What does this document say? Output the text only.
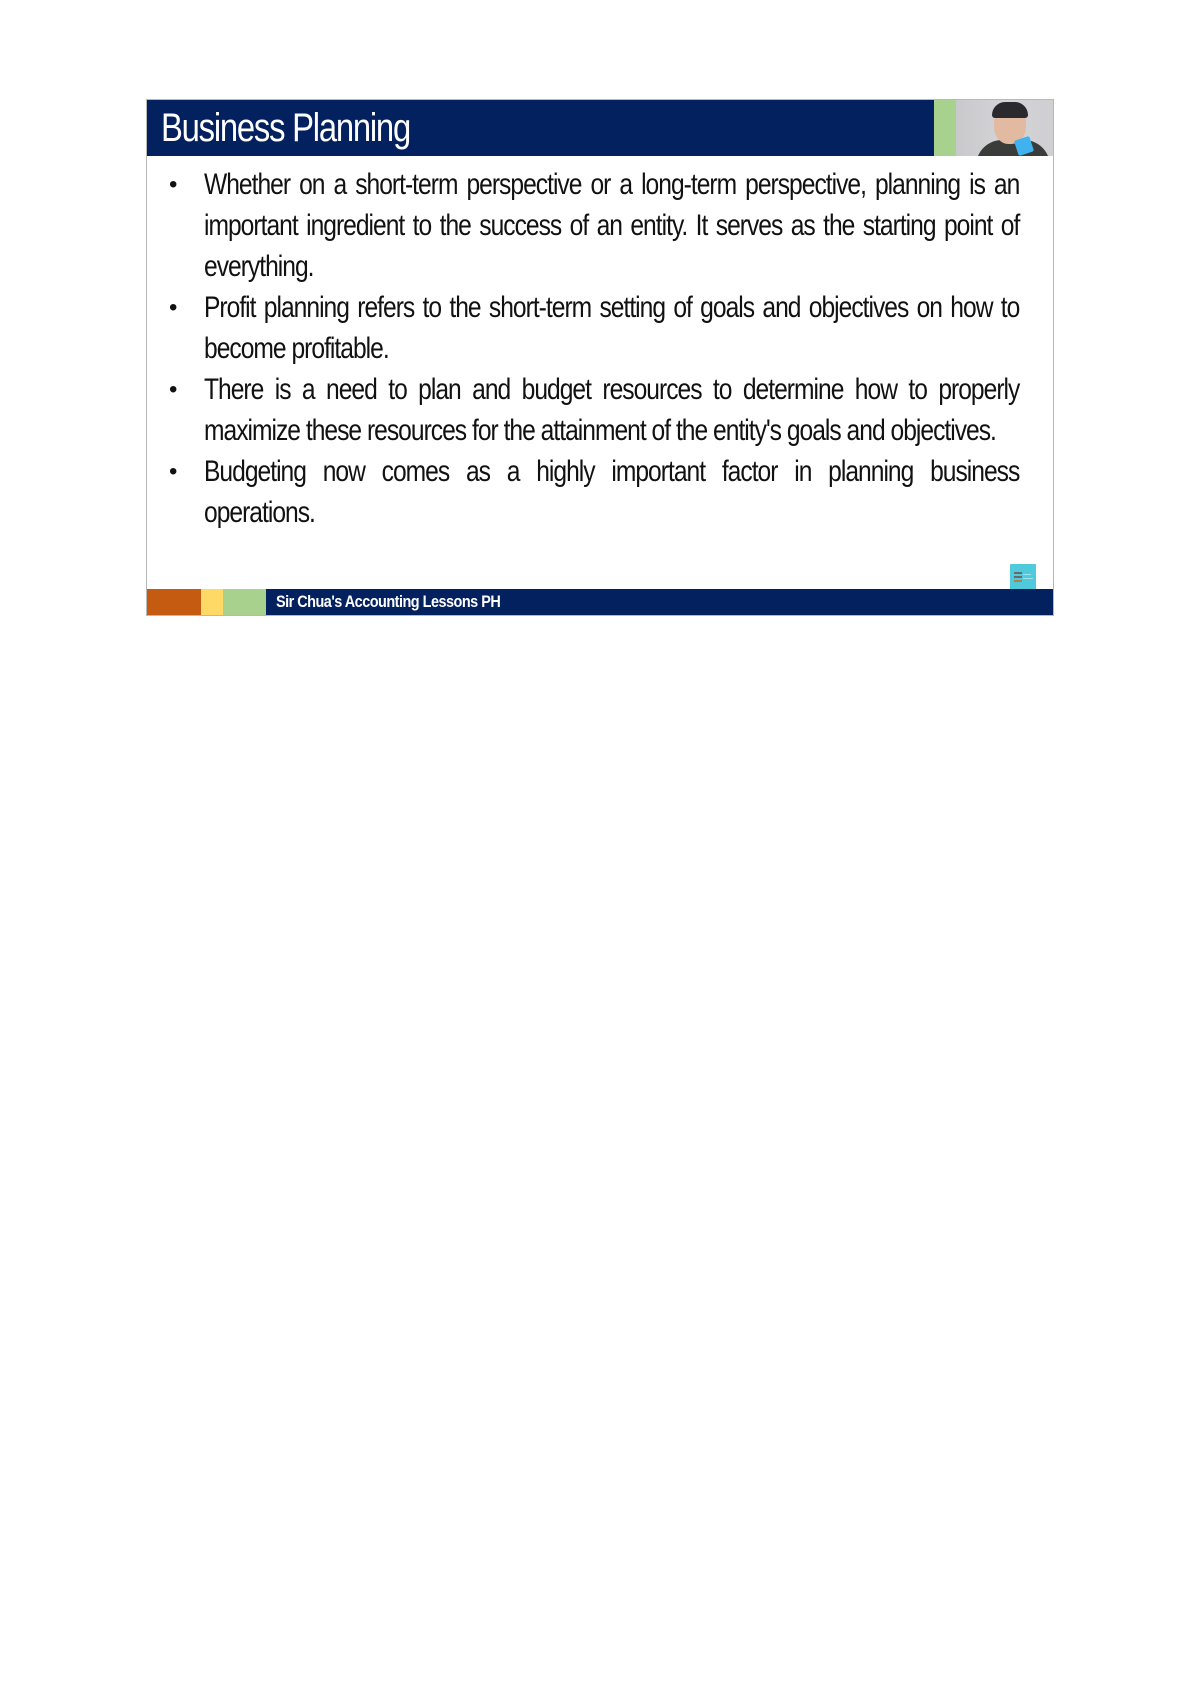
Business Planning
• Whether on a short-term perspective or a long-term perspective, planning is an important ingredient to the success of an entity. It serves as the starting point of everything.
• Profit planning refers to the short-term setting of goals and objectives on how to become profitable.
• There is a need to plan and budget resources to determine how to properly maximize these resources for the attainment of the entity's goals and objectives.
• Budgeting now comes as a highly important factor in planning business operations.
Sir Chua's Accounting Lessons PH
